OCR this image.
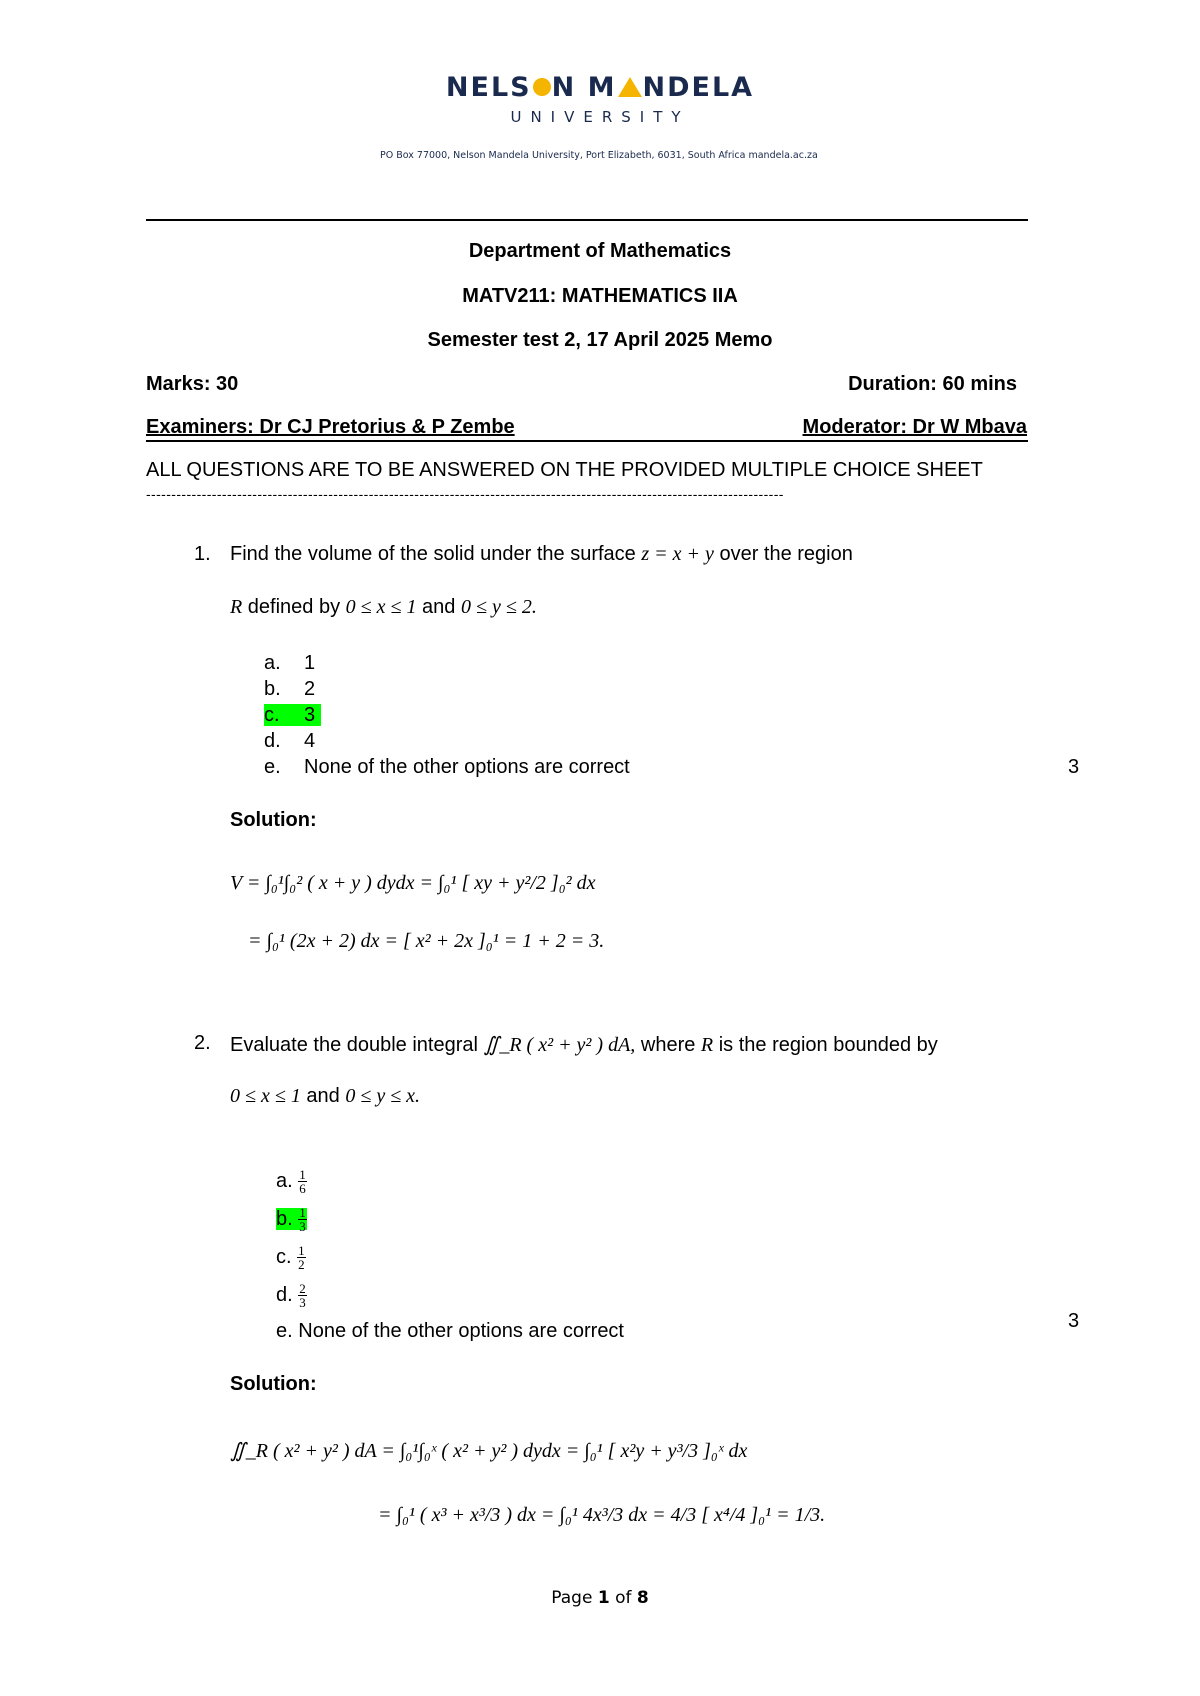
NELS N M NDELA
UNIVERSITY
PO Box 77000, Nelson Mandela University, Port Elizabeth, 6031, South Africa mandela.ac.za
Department of Mathematics
MATV211: MATHEMATICS IIA
Semester test 2, 17 April 2025 Memo
Marks: 30	Duration: 60 mins
Examiners: Dr CJ Pretorius & P Zembe	Moderator: Dr W Mbava
ALL QUESTIONS ARE TO BE ANSWERED ON THE PROVIDED MULTIPLE CHOICE SHEET
------------------------------------------------------------------------------------------------------------------------------
1. Find the volume of the solid under the surface z = x + y over the region
R defined by 0 ≤ x ≤ 1 and 0 ≤ y ≤ 2.
a. 1
b. 2
c. 3
d. 4
e. None of the other options are correct	3
Solution:
V = ∫₀¹∫₀² ( x + y ) dydx = ∫₀¹ [ xy + y²/2 ]₀² dx
= ∫₀¹ (2x + 2) dx = [ x² + 2x ]₀¹ = 1 + 2 = 3.
2. Evaluate the double integral ∬_R ( x² + y² ) dA, where R is the region bounded by
0 ≤ x ≤ 1 and 0 ≤ y ≤ x.
a. $\frac{1}{6}$
b. $\frac{1}{3}$
c. $\frac{1}{2}$
d. $\frac{2}{3}$
e. None of the other options are correct	3
Solution:
∬_R ( x² + y² ) dA = ∫₀¹∫₀ˣ ( x² + y² ) dydx = ∫₀¹ [ x²y + y³/3 ]₀ˣ dx
= ∫₀¹ ( x³ + x³/3 ) dx = ∫₀¹ 4x³/3 dx = 4/3 [ x⁴/4 ]₀¹ = 1/3.
Page 1 of 8
